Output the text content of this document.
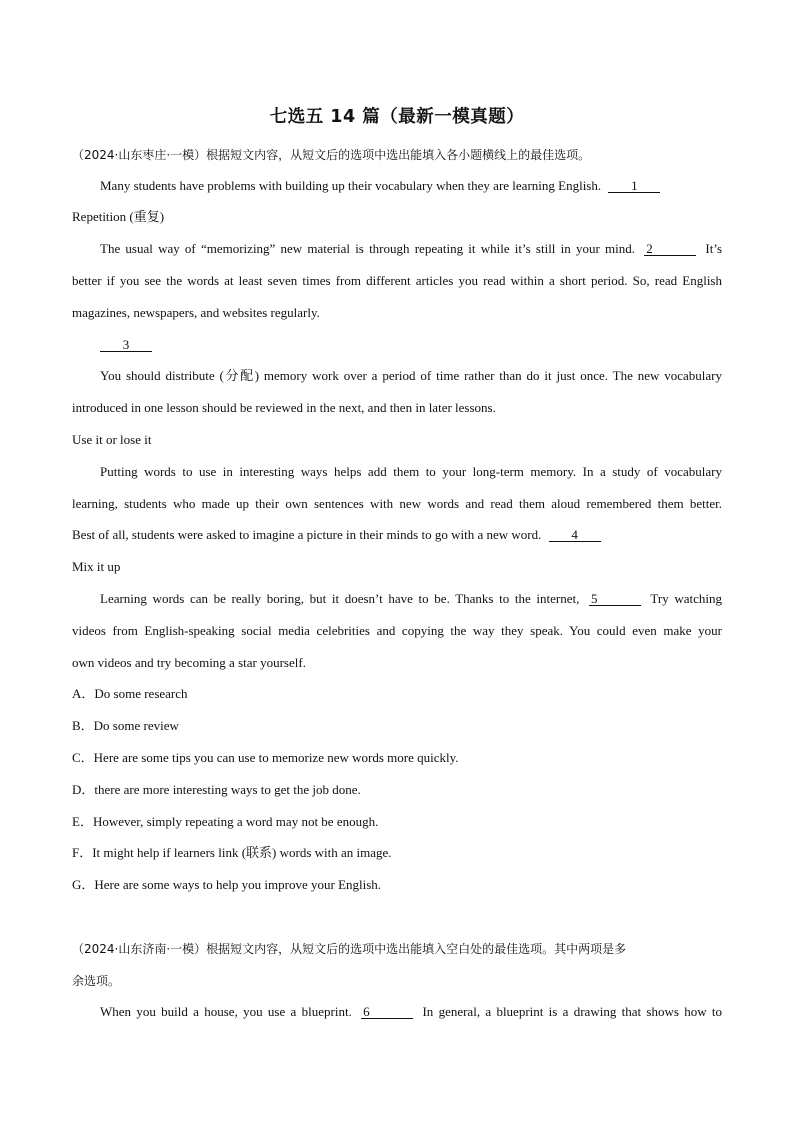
七选五 14 篇（最新一模真题）
（2024·山东枣庄·一模）根据短文内容，从短文后的选项中选出能填入各小题横线上的最佳选项。
Many students have problems with building up their vocabulary when they are learning English. 1
Repetition (重复)
The usual way of “memorizing” new material is through repeating it while it’s still in your mind. 2	It’s
better if you see the words at least seven times from different articles you read within a short period. So, read English
magazines, newspapers, and websites regularly.
3
You should distribute (分配) memory work over a period of time rather than do it just once. The new vocabulary
introduced in one lesson should be reviewed in the next, and then in later lessons.
Use it or lose it
Putting words to use in interesting ways helps add them to your long-term memory. In a study of vocabulary
learning, students who made up their own sentences with new words and read them aloud remembered them better.
Best of all, students were asked to imagine a picture in their minds to go with a new word. 4
Mix it up
Learning words can be really boring, but it doesn’t have to be. Thanks to the internet, 5	Try watching
videos from English-speaking social media celebrities and copying the way they speak. You could even make your
own videos and try becoming a star yourself.
A．Do some research
B．Do some review
C．Here are some tips you can use to memorize new words more quickly.
D．there are more interesting ways to get the job done.
E．However, simply repeating a word may not be enough.
F．It might help if learners link (联系) words with an image.
G．Here are some ways to help you improve your English.
（2024·山东济南·一模）根据短文内容，从短文后的选项中选出能填入空白处的最佳选项。其中两项是多
余选项。
When you build a house, you use a blueprint. 6	In general, a blueprint is a drawing that shows how to
